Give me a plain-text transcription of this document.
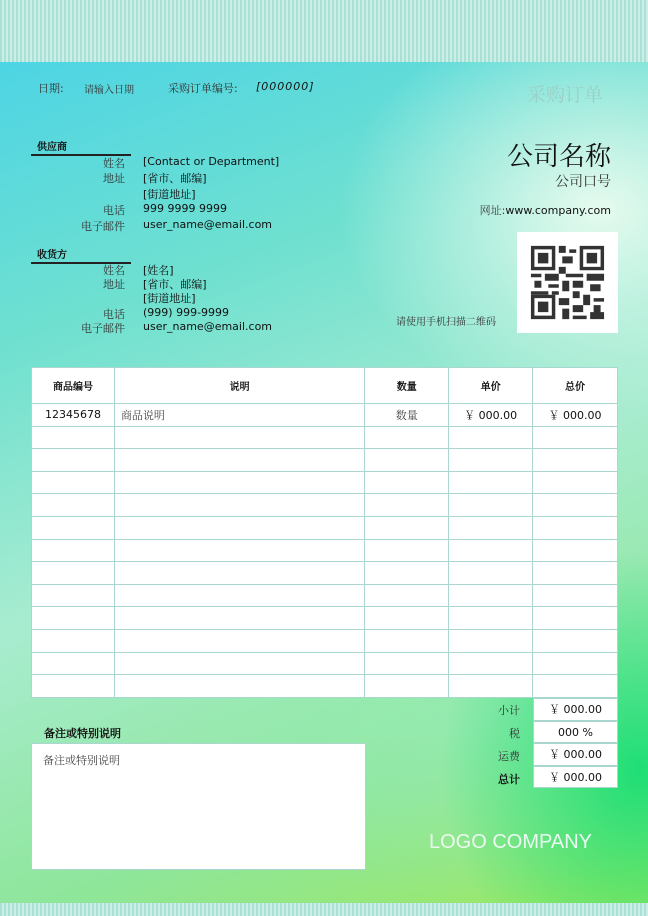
日期: 请输入日期	采购订单编号: [000000]	采购订单
供应商
姓名 [Contact or Department]
地址 [省市、邮编]
[街道地址]
电话 999 9999 9999
电子邮件 user_name@email.com
收货方
姓名 [姓名]
地址 [省市、邮编]
[街道地址]
电话 (999) 999-9999
电子邮件 user_name@email.com
公司名称
公司口号
网址:www.company.com
请使用手机扫描二维码
商品编号	说明	数量	单价	总价
12345678	商品说明	数量	￥ 000.00	￥ 000.00

小计	￥ 000.00
税	000 %
运费	￥ 000.00
总计	￥ 000.00
备注或特别说明
备注或特别说明
LOGO COMPANY
